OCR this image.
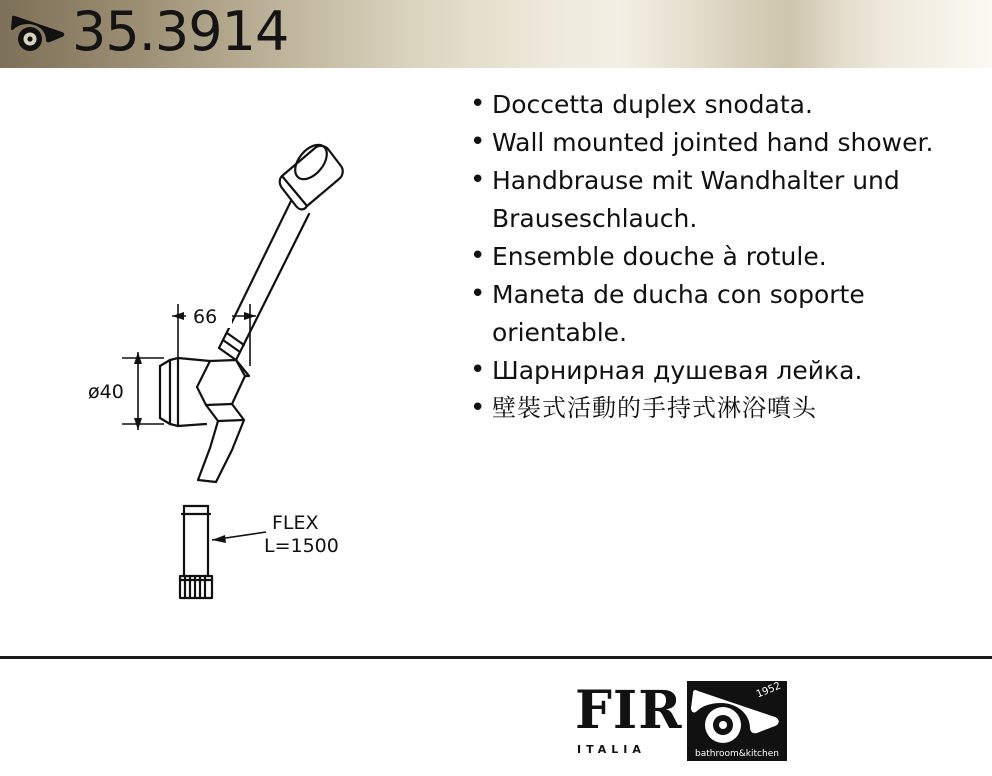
35.3914
66
ø40
FLEX
L=1500
• Doccetta duplex snodata.
• Wall mounted jointed hand shower.
• Handbrause mit Wandhalter und
Brauseschlauch.
• Ensemble douche à rotule.
• Maneta de ducha con soporte
orientable.
• Шарнирная душевая лейка.
• 壁裝式活動的手持式淋浴噴头
FIR
ITALIA
1952
bathroom&kitchen
